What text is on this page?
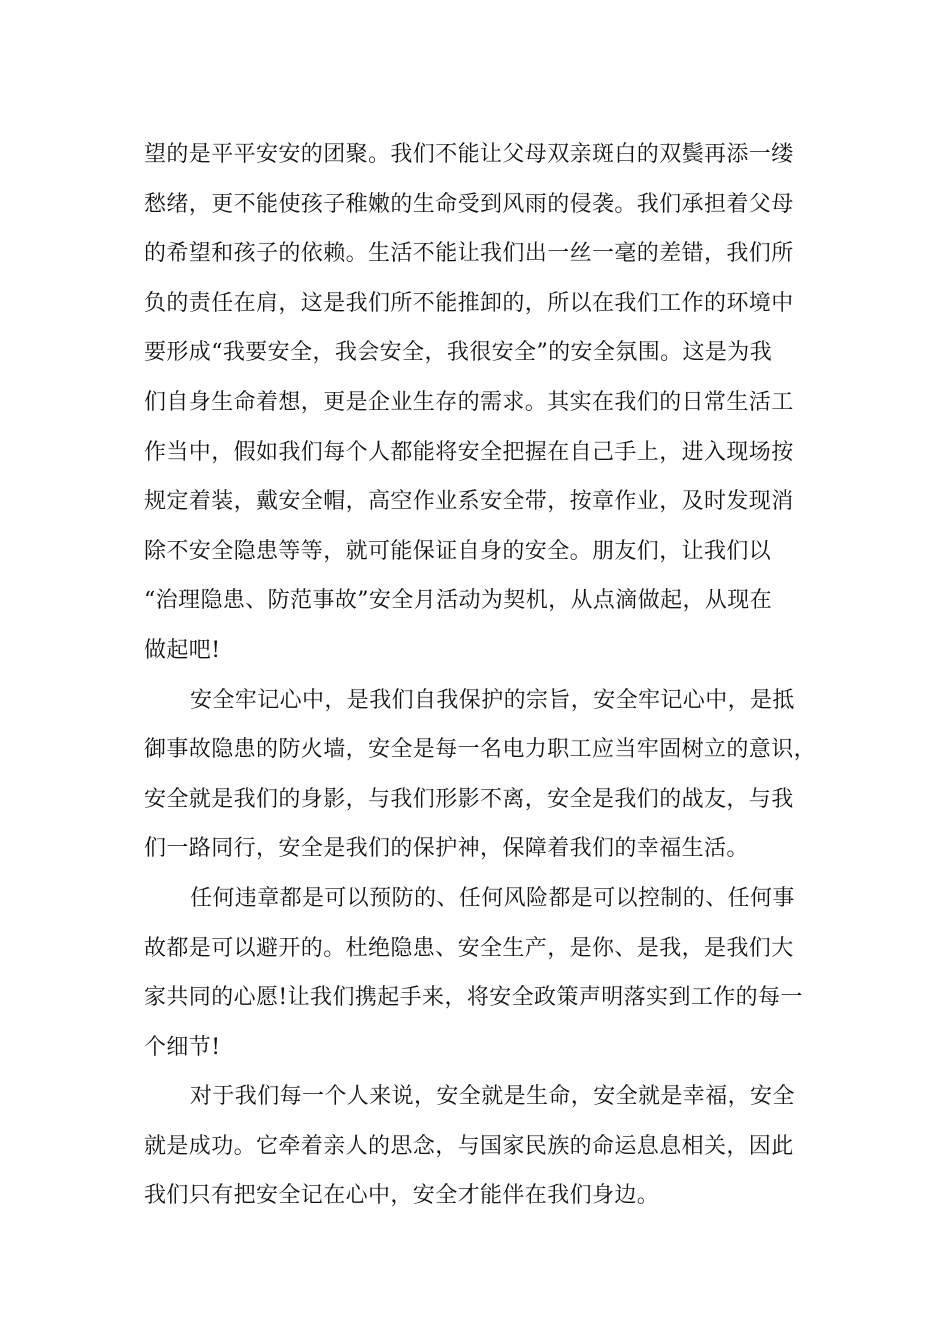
望的是平平安安的团聚。我们不能让父母双亲斑白的双鬓再添一缕
愁绪，更不能使孩子稚嫩的生命受到风雨的侵袭。我们承担着父母
的希望和孩子的依赖。生活不能让我们出一丝一毫的差错，我们所
负的责任在肩，这是我们所不能推卸的，所以在我们工作的环境中
要形成“我要安全，我会安全，我很安全”的安全氛围。这是为我
们自身生命着想，更是企业生存的需求。其实在我们的日常生活工
作当中，假如我们每个人都能将安全把握在自己手上，进入现场按
规定着装，戴安全帽，高空作业系安全带，按章作业，及时发现消
除不安全隐患等等，就可能保证自身的安全。朋友们，让我们以
“治理隐患、防范事故”安全月活动为契机，从点滴做起，从现在
做起吧!
安全牢记心中，是我们自我保护的宗旨，安全牢记心中，是抵
御事故隐患的防火墙，安全是每一名电力职工应当牢固树立的意识，
安全就是我们的身影，与我们形影不离，安全是我们的战友，与我
们一路同行，安全是我们的保护神，保障着我们的幸福生活。
任何违章都是可以预防的、任何风险都是可以控制的、任何事
故都是可以避开的。杜绝隐患、安全生产，是你、是我，是我们大
家共同的心愿!让我们携起手来，将安全政策声明落实到工作的每一
个细节!
对于我们每一个人来说，安全就是生命，安全就是幸福，安全
就是成功。它牵着亲人的思念，与国家民族的命运息息相关，因此
我们只有把安全记在心中，安全才能伴在我们身边。
